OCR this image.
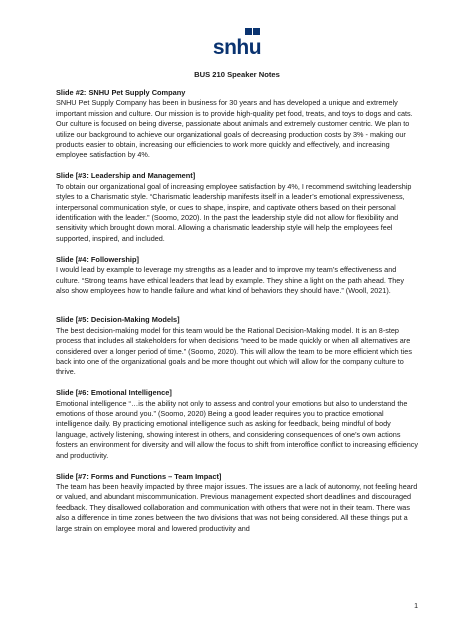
snhu
BUS 210 Speaker Notes
Slide #2: SNHU Pet Supply Company

SNHU Pet Supply Company has been in business for 30 years and has developed a unique and extremely important mission and culture. Our mission is to provide high-quality pet food, treats, and toys to dogs and cats. Our culture is focused on being diverse, passionate about animals and extremely customer centric. We plan to utilize our background to achieve our organizational goals of decreasing production costs by 3% - making our products easier to obtain, increasing our efficiencies to work more quickly and effectively, and increasing employee satisfaction by 4%.

Slide [#3: Leadership and Management]

To obtain our organizational goal of increasing employee satisfaction by 4%, I recommend switching leadership styles to a Charismatic style. “Charismatic leadership manifests itself in a leader’s emotional expressiveness, interpersonal communication style, or cues to shape, inspire, and captivate others based on their personal identification with the leader.” (Soomo, 2020). In the past the leadership style did not allow for flexibility and sensitivity which brought down moral. Allowing a charismatic leadership style will help the employees feel supported, inspired, and included.

Slide [#4: Followership]

I would lead by example to leverage my strengths as a leader and to improve my team’s effectiveness and culture. “Strong teams have ethical leaders that lead by example. They shine a light on the path ahead. They also show employees how to handle failure and what kind of behaviors they should have.” (Wooll, 2021).

Slide [#5: Decision-Making Models]

The best decision-making model for this team would be the Rational Decision-Making model. It is an 8-step process that includes all stakeholders for when decisions “need to be made quickly or when all alternatives are considered over a longer period of time.” (Soomo, 2020). This will allow the team to be more efficient which ties back into one of the organizational goals and be more thought out which will allow for the company culture to thrive.

Slide [#6: Emotional Intelligence]

Emotional intelligence “…is the ability not only to assess and control your emotions but also to understand the emotions of those around you.” (Soomo, 2020) Being a good leader requires you to practice emotional intelligence daily. By practicing emotional intelligence such as asking for feedback, being mindful of body language, actively listening, showing interest in others, and considering consequences of one’s own actions fosters an environment for diversity and will allow the focus to shift from interoffice conflict to increasing efficiency and productivity.

Slide [#7: Forms and Functions – Team Impact]

The team has been heavily impacted by three major issues. The issues are a lack of autonomy, not feeling heard or valued, and abundant miscommunication. Previous management expected short deadlines and discouraged feedback. They disallowed collaboration and communication with others that were not in their team. There was also a difference in time zones between the two divisions that was not being considered. All these things put a large strain on employee moral and lowered productivity and

1
